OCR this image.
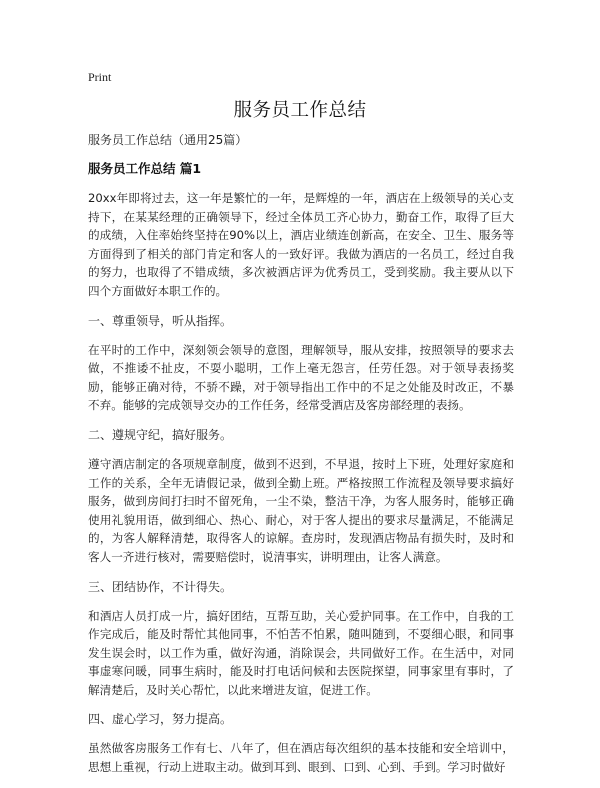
Print
服务员工作总结

服务员工作总结（通用25篇）

服务员工作总结 篇1

20xx年即将过去，这一年是繁忙的一年，是辉煌的一年，酒店在上级领导的关心支持下，在某某经理的正确领导下，经过全体员工齐心协力，勤奋工作，取得了巨大的成绩，入住率始终坚持在90%以上，酒店业绩连创新高，在安全、卫生、服务等方面得到了相关的部门肯定和客人的一致好评。我做为酒店的一名员工，经过自我的努力，也取得了不错成绩，多次被酒店评为优秀员工，受到奖励。我主要从以下四个方面做好本职工作的。

一、尊重领导，听从指挥。

在平时的工作中，深刻领会领导的意图，理解领导，服从安排，按照领导的要求去做，不推诿不扯皮，不耍小聪明，工作上毫无怨言，任劳任怨。对于领导表扬奖励，能够正确对待，不骄不躁，对于领导指出工作中的不足之处能及时改正，不暴不弃。能够的完成领导交办的工作任务，经常受酒店及客房部经理的表扬。

二、遵规守纪，搞好服务。

遵守酒店制定的各项规章制度，做到不迟到，不早退，按时上下班，处理好家庭和工作的关系，全年无请假记录，做到全勤上班。严格按照工作流程及领导要求搞好服务，做到房间打扫时不留死角，一尘不染，整洁干净，为客人服务时，能够正确使用礼貌用语，做到细心、热心、耐心，对于客人提出的要求尽量满足，不能满足的，为客人解释清楚，取得客人的谅解。查房时，发现酒店物品有损失时，及时和客人一齐进行核对，需要赔偿时，说清事实，讲明理由，让客人满意。

三、团结协作，不计得失。

和酒店人员打成一片，搞好团结，互帮互助，关心爱护同事。在工作中，自我的工作完成后，能及时帮忙其他同事，不怕苦不怕累，随叫随到，不耍细心眼，和同事发生误会时，以工作为重，做好沟通，消除误会，共同做好工作。在生活中，对同事虚寒问暖，同事生病时，能及时打电话问候和去医院探望，同事家里有事时，了解清楚后，及时关心帮忙，以此来增进友谊，促进工作。

四、虚心学习，努力提高。

虽然做客房服务工作有七、八年了，但在酒店每次组织的基本技能和安全培训中，思想上重视，行动上进取主动。做到耳到、眼到、口到、心到、手到。学习时做好
